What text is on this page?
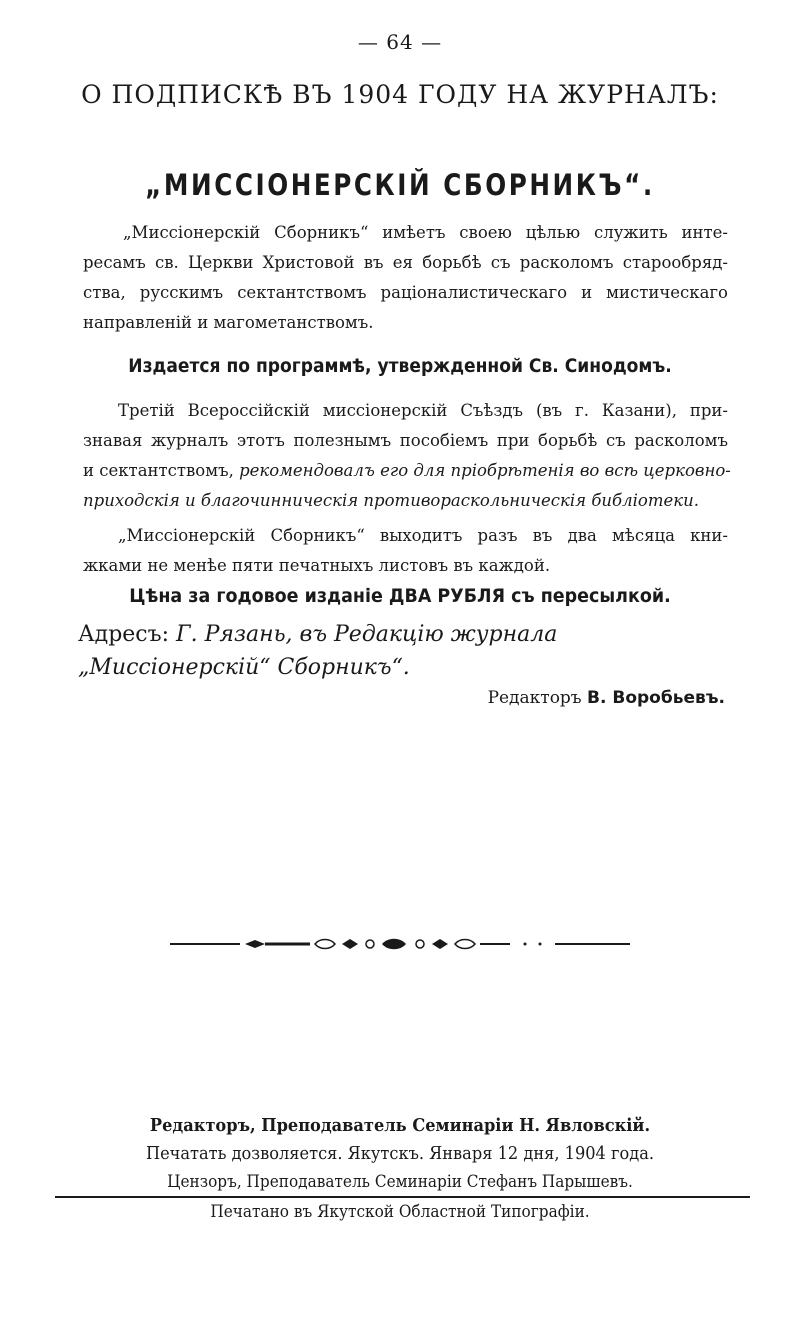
— 64 —
О ПОДПИСКѢ ВЪ 1904 ГОДУ НА ЖУРНАЛЪ:
„МИССІОНЕРСКІЙ СБОРНИКЪ“.
„Миссіонерскій Сборникъ“ имѣетъ своею цѣлью служить инте-
ресамъ св. Церкви Христовой въ ея борьбѣ съ расколомъ старообряд-
ства, русскимъ сектантствомъ раціоналистическаго и мистическаго
направленій и магометанствомъ.
Издается по программѣ, утвержденной Св. Синодомъ.
Третій Всероссійскій миссіонерскій Съѣздъ (въ г. Казани), при-
знавая журналъ этотъ полезнымъ пособіемъ при борьбѣ съ расколомъ
и сектантствомъ, рекомендовалъ его для пріобрѣтенія во всѣ церковно-
приходскія и благочинническія противораскольническія библіотеки.
„Миссіонерскій Сборникъ“ выходитъ разъ въ два мѣсяца кни-
жками не менѣе пяти печатныхъ листовъ въ каждой.
Цѣна за годовое изданіе ДВА РУБЛЯ съ пересылкой.
Адресъ: Г. Рязань, въ Редакцію журнала „Миссіонерскій“ Сборникъ“.
Редакторъ В. Воробьевъ.
Редакторъ, Преподаватель Семинаріи Н. Явловскій.
Печатать дозволяется. Якутскъ. Января 12 дня, 1904 года.
Цензоръ, Преподаватель Семинаріи Стефанъ Парышевъ.
Печатано въ Якутской Областной Типографіи.
